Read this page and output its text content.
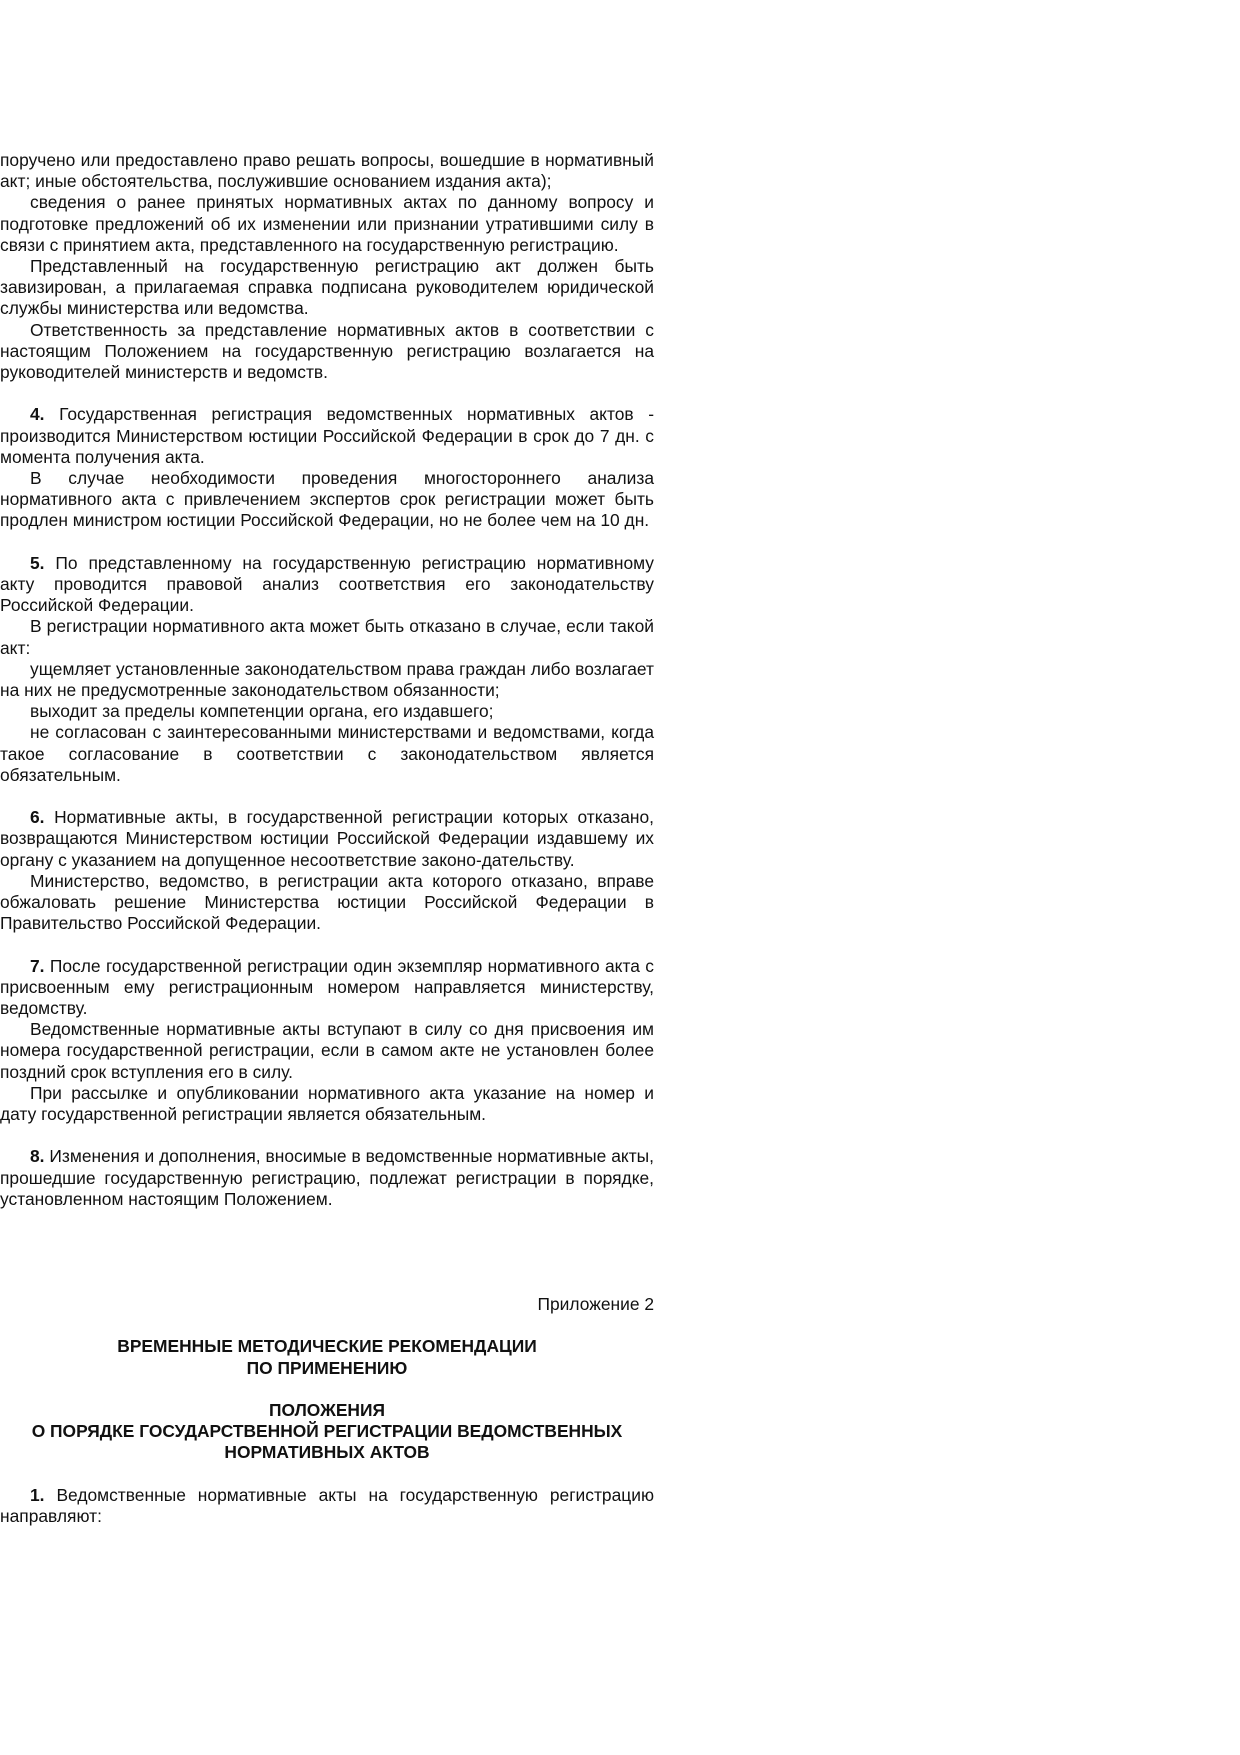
поручено или предоставлено право решать вопросы, вошедшие в нормативный акт; иные обстоятельства, послужившие основанием издания акта);

сведения о ранее принятых нормативных актах по данному вопросу и подготовке предложений об их изменении или признании утратившими силу в связи с принятием акта, представленного на государственную регистрацию.

Представленный на государственную регистрацию акт должен быть завизирован, а прилагаемая справка подписана руководителем юридической службы министерства или ведомства.

Ответственность за представление нормативных актов в соответствии с настоящим Положением на государственную регистрацию возлагается на руководителей министерств и ведомств.

4. Государственная регистрация ведомственных нормативных актов - производится Министерством юстиции Российской Федерации в срок до 7 дн. с момента получения акта.

В случае необходимости проведения многостороннего анализа нормативного акта с привлечением экспертов срок регистрации может быть продлен министром юстиции Российской Федерации, но не более чем на 10 дн.

5. По представленному на государственную регистрацию нормативному акту проводится правовой анализ соответствия его законодательству Российской Федерации.

В регистрации нормативного акта может быть отказано в случае, если такой акт:

ущемляет установленные законодательством права граждан либо возлагает на них не предусмотренные законодательством обязанности;

выходит за пределы компетенции органа, его издавшего;

не согласован с заинтересованными министерствами и ведомствами, когда такое согласование в соответствии с законодательством является обязательным.

6. Нормативные акты, в государственной регистрации которых отказано, возвращаются Министерством юстиции Российской Федерации издавшему их органу с указанием на допущенное несоответствие законо-дательству.

Министерство, ведомство, в регистрации акта которого отказано, вправе обжаловать решение Министерства юстиции Российской Федерации в Правительство Российской Федерации.

7. После государственной регистрации один экземпляр нормативного акта с присвоенным ему регистрационным номером направляется министерству, ведомству.

Ведомственные нормативные акты вступают в силу со дня присвоения им номера государственной регистрации, если в самом акте не установлен более поздний срок вступления его в силу.

При рассылке и опубликовании нормативного акта указание на номер и дату государственной регистрации является обязательным.

8. Изменения и дополнения, вносимые в ведомственные нормативные акты, прошедшие государственную регистрацию, подлежат регистрации в порядке, установленном настоящим Положением.

Приложение 2

ВРЕМЕННЫЕ МЕТОДИЧЕСКИЕ РЕКОМЕНДАЦИИ

ПО ПРИМЕНЕНИЮ

ПОЛОЖЕНИЯ

О ПОРЯДКЕ ГОСУДАРСТВЕННОЙ РЕГИСТРАЦИИ ВЕДОМСТВЕННЫХ

НОРМАТИВНЫХ АКТОВ

1. Ведомственные нормативные акты на государственную регистрацию направляют:
